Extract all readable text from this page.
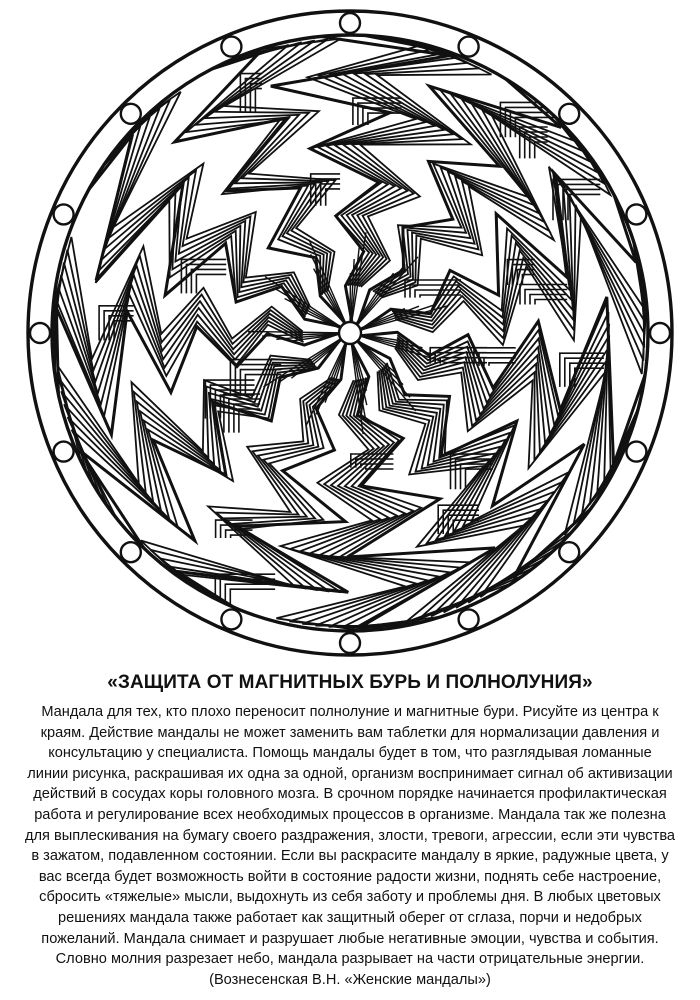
«ЗАЩИТА ОТ МАГНИТНЫХ БУРЬ И ПОЛНОЛУНИЯ»
Мандала для тех, кто плохо переносит полнолуние и магнитные бури. Рисуйте из центра к
краям. Действие мандалы не может заменить вам таблетки для нормализации давления и
консультацию у специалиста. Помощь мандалы будет в том, что разглядывая ломанные
линии рисунка, раскрашивая их одна за одной, организм воспринимает сигнал об активизации
действий в сосудах коры головного мозга. В срочном порядке начинается профилактическая
работа и регулирование всех необходимых процессов в организме. Мандала так же полезна
для выплескивания на бумагу своего раздражения, злости, тревоги, агрессии, если эти чувства
в зажатом, подавленном состоянии. Если вы раскрасите мандалу в яркие, радужные цвета, у
вас всегда будет возможность войти в состояние радости жизни, поднять себе настроение,
сбросить «тяжелые» мысли, выдохнуть из себя заботу и проблемы дня. В любых цветовых
решениях мандала также работает как защитный оберег от сглаза, порчи и недобрых
пожеланий. Мандала снимает и разрушает любые негативные эмоции, чувства и события.
Словно молния разрезает небо, мандала разрывает на части отрицательные энергии.
(Вознесенская В.Н. «Женские мандалы»)
